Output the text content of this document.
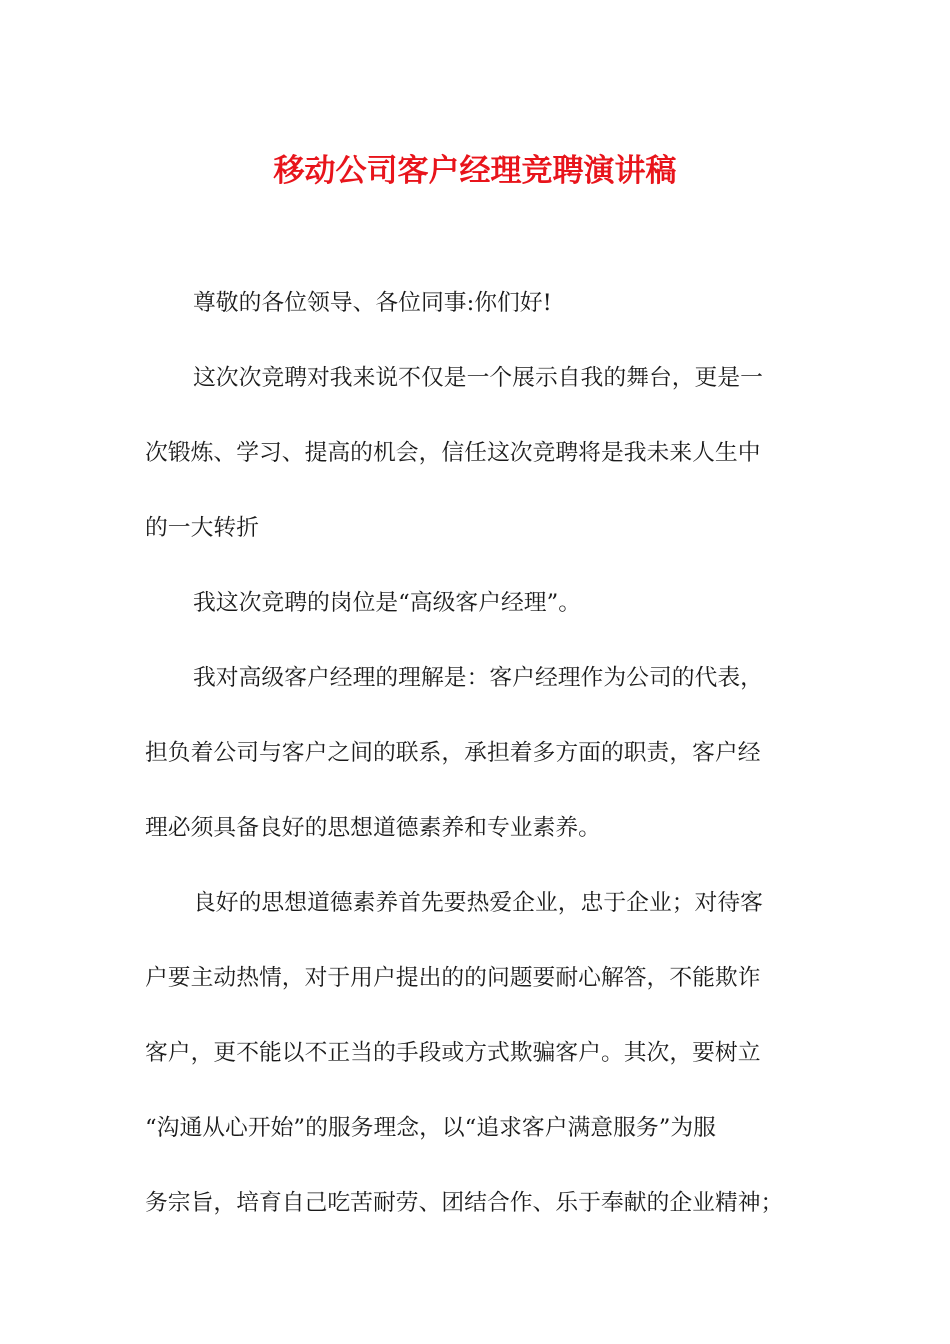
移动公司客户经理竞聘演讲稿

尊敬的各位领导、各位同事:你们好!

这次次竞聘对我来说不仅是一个展示自我的舞台，更是一
次锻炼、学习、提高的机会，信任这次竞聘将是我未来人生中
的一大转折

我这次竞聘的岗位是“高级客户经理”。

我对高级客户经理的理解是：客户经理作为公司的代表，
担负着公司与客户之间的联系，承担着多方面的职责，客户经
理必须具备良好的思想道德素养和专业素养。

良好的思想道德素养首先要热爱企业，忠于企业；对待客
户要主动热情，对于用户提出的的问题要耐心解答，不能欺诈
客户，更不能以不正当的手段或方式欺骗客户。其次，要树立
“沟通从心开始”的服务理念，以“追求客户满意服务”为服
务宗旨，培育自己吃苦耐劳、团结合作、乐于奉献的企业精神；
